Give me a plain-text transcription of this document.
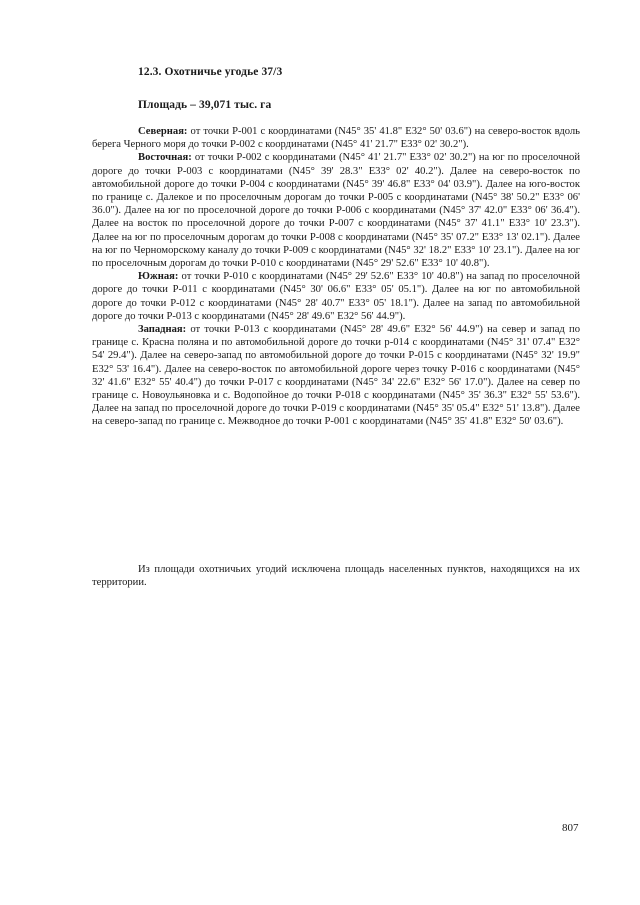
12.3. Охотничье угодье 37/3
Площадь – 39,071 тыс. га

Северная: от точки Р-001 с координатами (N45° 35' 41.8" E32° 50' 03.6") на северо-восток вдоль берега Черного моря до точки Р-002 с координатами (N45° 41' 21.7" E33° 02' 30.2").

Восточная: от точки Р-002 с координатами (N45° 41' 21.7" E33° 02' 30.2") на юг по проселочной дороге до точки Р-003 с координатами (N45° 39' 28.3" E33° 02' 40.2"). Далее на северо-восток по автомобильной дороге до точки Р-004 с координатами (N45° 39' 46.8" E33° 04' 03.9"). Далее на юго-восток по границе с. Далекое и по проселочным дорогам до точки Р-005 с координатами (N45° 38' 50.2" E33° 06' 36.0"). Далее на юг по проселочной дороге до точки Р-006 с координатами (N45° 37' 42.0" E33° 06' 36.4"). Далее на восток по проселочной дороге до точки Р-007 с координатами (N45° 37' 41.1" E33° 10' 23.3"). Далее на юг по проселочным дорогам до точки Р-008 с координатами (N45° 35' 07.2" E33° 13' 02.1"). Далее на юг по Черноморскому каналу до точки Р-009 с координатами (N45° 32' 18.2" E33° 10' 23.1"). Далее на юг по проселочным дорогам до точки Р-010 с координатами (N45° 29' 52.6" E33° 10' 40.8").

Южная: от точки Р-010 с координатами (N45° 29' 52.6" E33° 10' 40.8") на запад по проселочной дороге до точки Р-011 с координатами (N45° 30' 06.6" E33° 05' 05.1"). Далее на юг по автомобильной дороге до точки Р-012 с координатами (N45° 28' 40.7" E33° 05' 18.1"). Далее на запад по автомобильной дороге до точки Р-013 с координатами (N45° 28' 49.6" E32° 56' 44.9").

Западная: от точки Р-013 с координатами (N45° 28' 49.6" E32° 56' 44.9") на север и запад по границе с. Красна поляна и по автомобильной дороге до точки р-014 с координатами (N45° 31' 07.4" E32° 54' 29.4"). Далее на северо-запад по автомобильной дороге до точки Р-015 с координатами (N45° 32' 19.9" E32° 53' 16.4"). Далее на северо-восток по автомобильной дороге через точку Р-016 с координатами (N45° 32' 41.6" E32° 55' 40.4") до точки Р-017 с координатами (N45° 34' 22.6" E32° 56' 17.0"). Далее на север по границе с. Новоульяновка и с. Водопойное до точки Р-018 с координатами (N45° 35' 36.3" E32° 55' 53.6"). Далее на запад по проселочной дороге до точки Р-019 с координатами (N45° 35' 05.4" E32° 51' 13.8"). Далее на северо-запад по границе с. Межводное до точки Р-001 с координатами (N45° 35' 41.8" E32° 50' 03.6").

Из площади охотничьих угодий исключена площадь населенных пунктов, находящихся на их территории.

807
